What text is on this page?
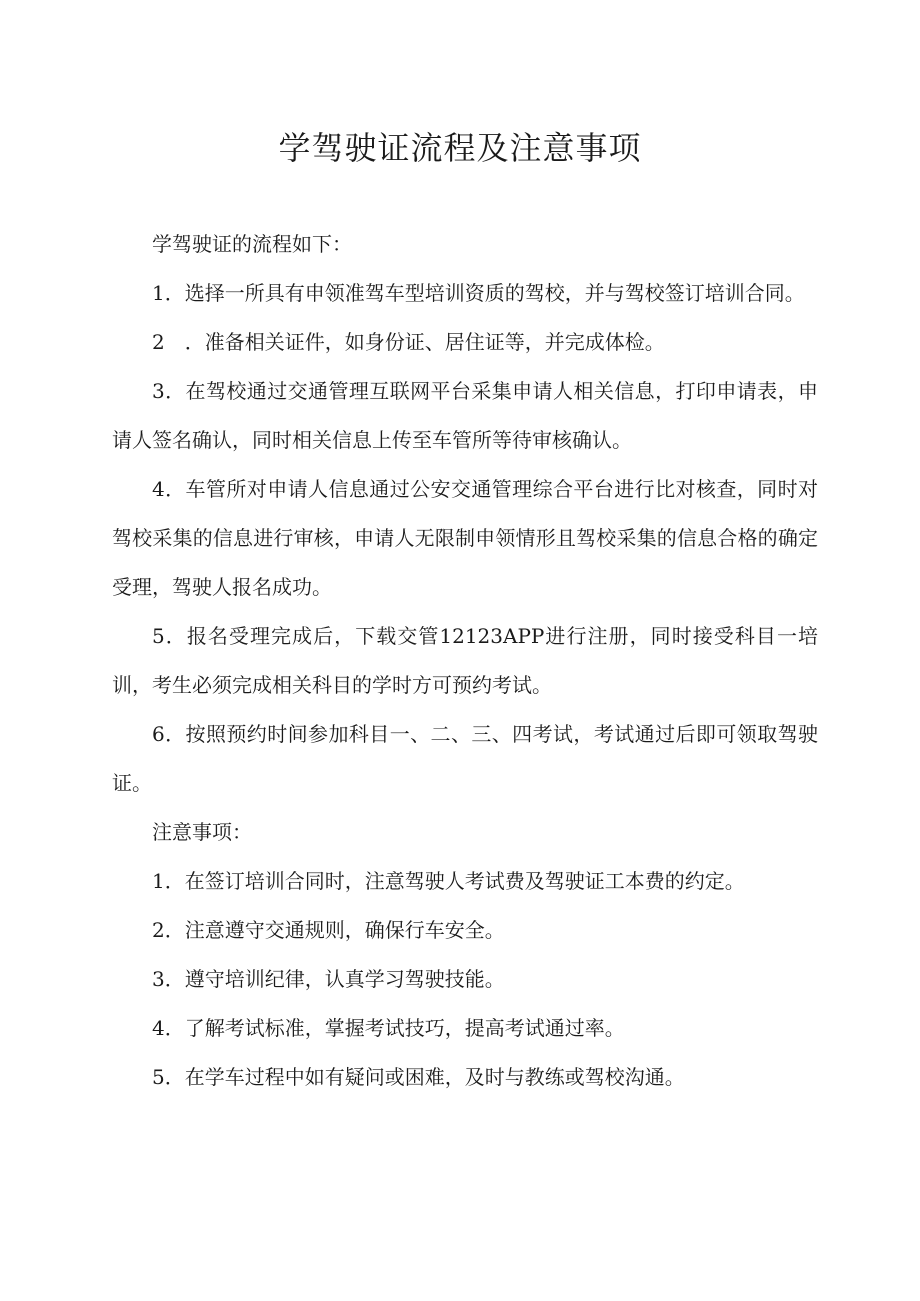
学驾驶证流程及注意事项

学驾驶证的流程如下：

1．选择一所具有申领准驾车型培训资质的驾校，并与驾校签订培训合同。

2　．准备相关证件，如身份证、居住证等，并完成体检。

3．在驾校通过交通管理互联网平台采集申请人相关信息，打印申请表，申请人签名确认，同时相关信息上传至车管所等待审核确认。

4．车管所对申请人信息通过公安交通管理综合平台进行比对核查，同时对驾校采集的信息进行审核，申请人无限制申领情形且驾校采集的信息合格的确定受理，驾驶人报名成功。

5．报名受理完成后，下载交管12123APP进行注册，同时接受科目一培训，考生必须完成相关科目的学时方可预约考试。

6．按照预约时间参加科目一、二、三、四考试，考试通过后即可领取驾驶证。

注意事项：

1．在签订培训合同时，注意驾驶人考试费及驾驶证工本费的约定。

2．注意遵守交通规则，确保行车安全。

3．遵守培训纪律，认真学习驾驶技能。

4．了解考试标准，掌握考试技巧，提高考试通过率。

5．在学车过程中如有疑问或困难，及时与教练或驾校沟通。
